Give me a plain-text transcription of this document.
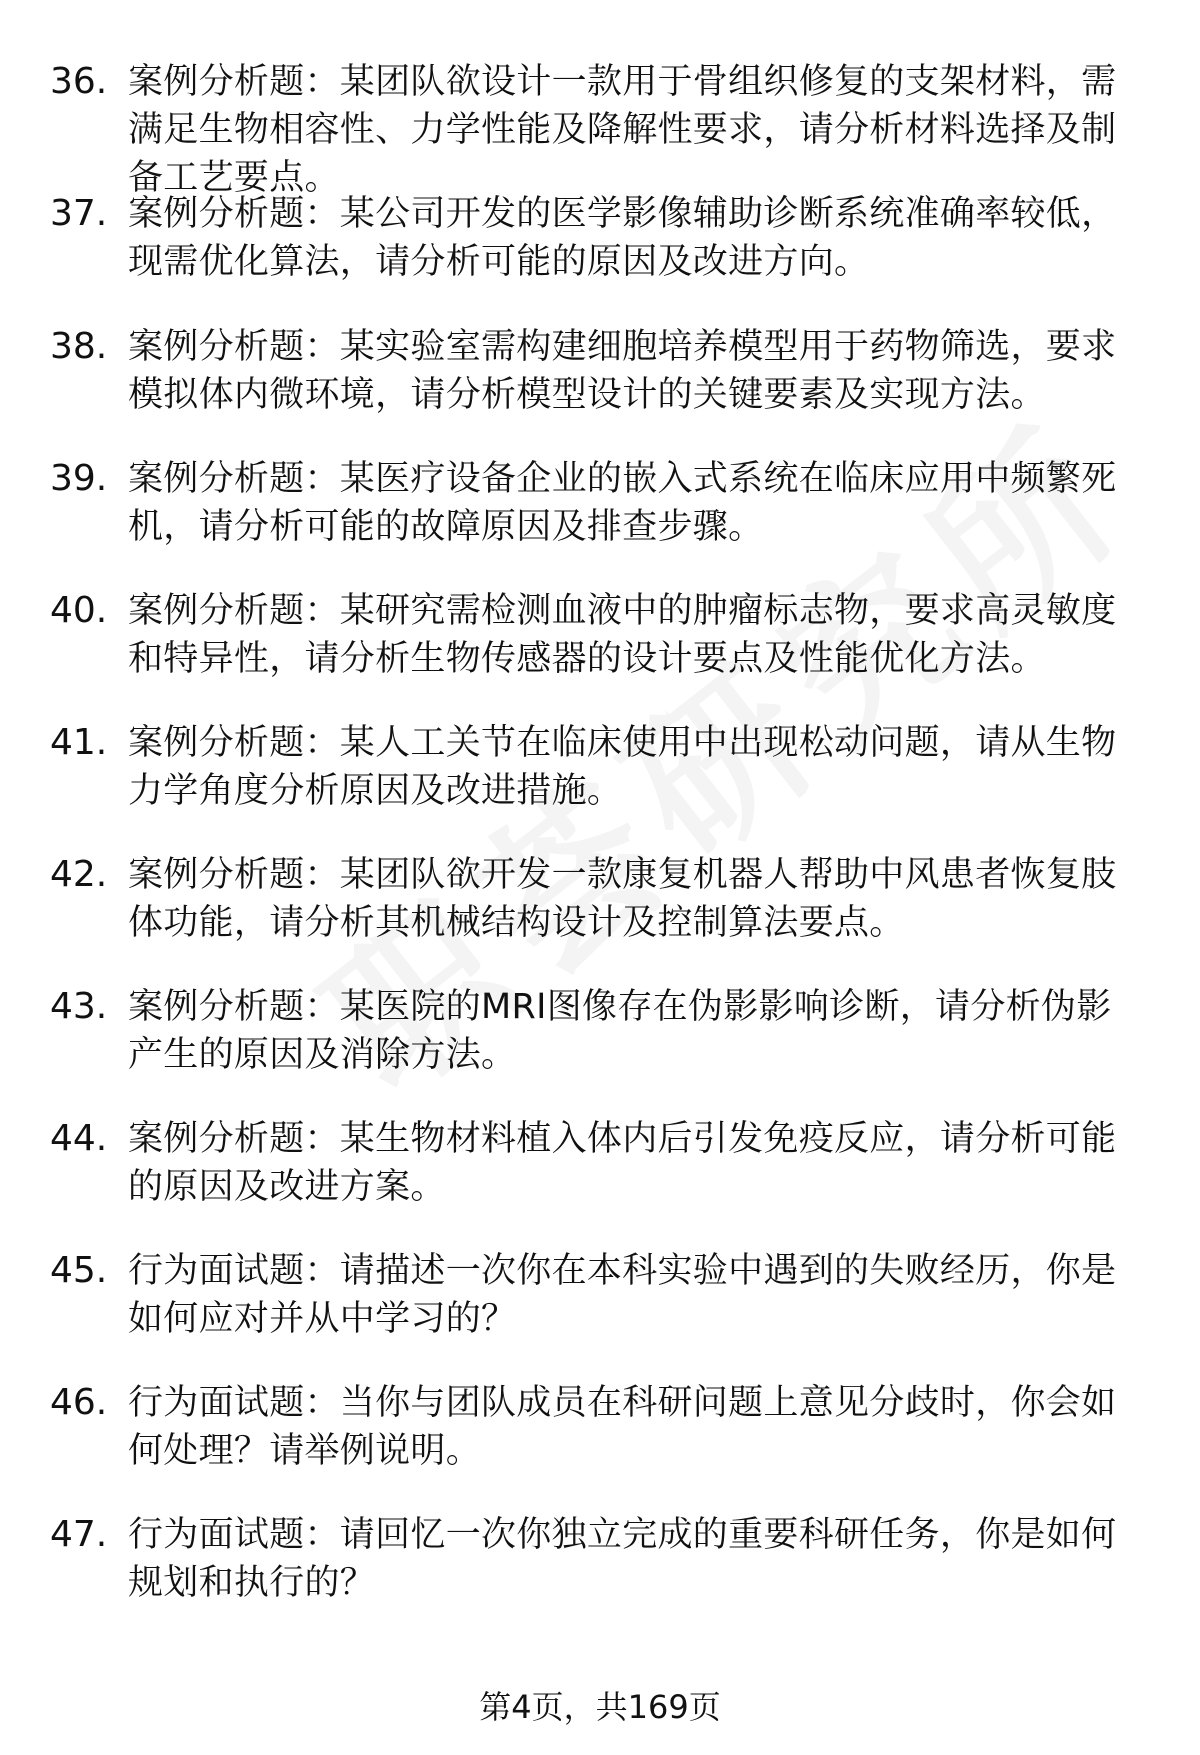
36. 案例分析题：某团队欲设计一款用于骨组织修复的支架材料，需满足生物相容性、力学性能及降解性要求，请分析材料选择及制备工艺要点。
37. 案例分析题：某公司开发的医学影像辅助诊断系统准确率较低，现需优化算法，请分析可能的原因及改进方向。
38. 案例分析题：某实验室需构建细胞培养模型用于药物筛选，要求模拟体内微环境，请分析模型设计的关键要素及实现方法。
39. 案例分析题：某医疗设备企业的嵌入式系统在临床应用中频繁死机，请分析可能的故障原因及排查步骤。
40. 案例分析题：某研究需检测血液中的肿瘤标志物，要求高灵敏度和特异性，请分析生物传感器的设计要点及性能优化方法。
41. 案例分析题：某人工关节在临床使用中出现松动问题，请从生物力学角度分析原因及改进措施。
42. 案例分析题：某团队欲开发一款康复机器人帮助中风患者恢复肢体功能，请分析其机械结构设计及控制算法要点。
43. 案例分析题：某医院的MRI图像存在伪影影响诊断，请分析伪影产生的原因及消除方法。
44. 案例分析题：某生物材料植入体内后引发免疫反应，请分析可能的原因及改进方案。
45. 行为面试题：请描述一次你在本科实验中遇到的失败经历，你是如何应对并从中学习的？
46. 行为面试题：当你与团队成员在科研问题上意见分歧时，你会如何处理？请举例说明。
47. 行为面试题：请回忆一次你独立完成的重要科研任务，你是如何规划和执行的？
第4页，共169页
